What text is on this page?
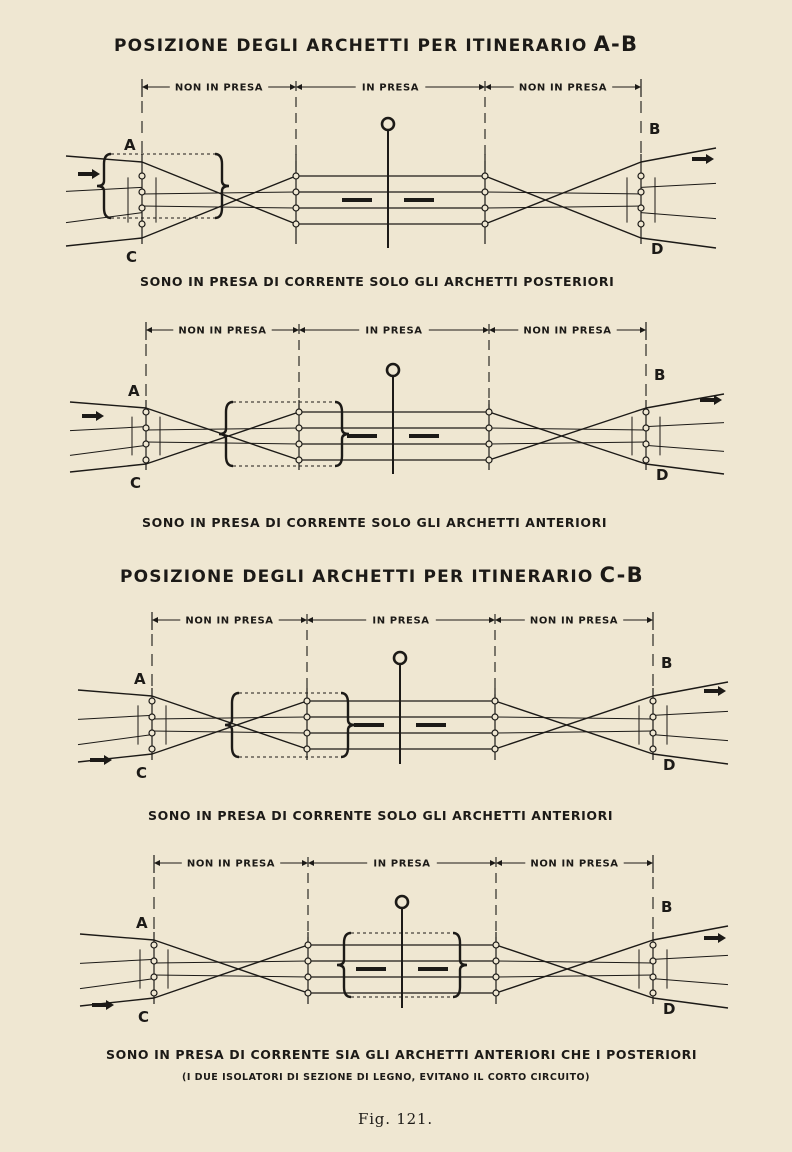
POSIZIONE DEGLI ARCHETTI PER ITINERARIO A-B
NON IN PRESA	IN PRESA	NON IN PRESA
A
B
C	D
SONO IN PRESA DI CORRENTE SOLO GLI ARCHETTI POSTERIORI
NON IN PRESA	IN PRESA	NON IN PRESA
A
B
C	D
SONO IN PRESA DI CORRENTE SOLO GLI ARCHETTI ANTERIORI
POSIZIONE DEGLI ARCHETTI PER ITINERARIO C-B
NON IN PRESA	IN PRESA	NON IN PRESA
A
B
C	D
SONO IN PRESA DI CORRENTE SOLO GLI ARCHETTI ANTERIORI
NON IN PRESA	IN PRESA	NON IN PRESA
A
B
C	D
SONO IN PRESA DI CORRENTE SIA GLI ARCHETTI ANTERIORI CHE I POSTERIORI
(I DUE ISOLATORI DI SEZIONE DI LEGNO, EVITANO IL CORTO CIRCUITO)
Fig. 121.
